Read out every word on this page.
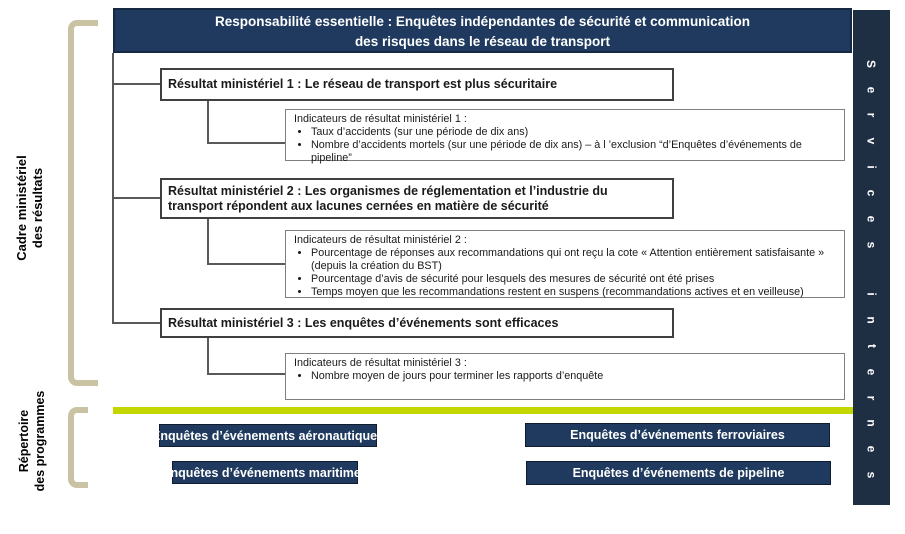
Cadre ministériel des résultats
Répertoire des programmes
Responsabilité essentielle : Enquêtes indépendantes de sécurité et communication
des risques dans le réseau de transport
Résultat ministériel 1 : Le réseau de transport est plus sécuritaire
Indicateurs de résultat ministériel 1 :
• Taux d’accidents (sur une période de dix ans)
• Nombre d’accidents mortels (sur une période de dix ans) – à l ’exclusion “d’Enquêtes d’événements de pipeline”
Résultat ministériel 2 : Les organismes de réglementation et l’industrie du transport répondent aux lacunes cernées en matière de sécurité
Indicateurs de résultat ministériel 2 :
• Pourcentage de réponses aux recommandations qui ont reçu la cote « Attention entièrement satisfaisante » (depuis la création du BST)
• Pourcentage d’avis de sécurité pour lesquels des mesures de sécurité ont été prises
• Temps moyen que les recommandations restent en suspens (recommandations actives et en veilleuse)
Résultat ministériel 3 : Les enquêtes d’événements sont efficaces
Indicateurs de résultat ministériel 3 :
• Nombre moyen de jours pour terminer les rapports d’enquête
Enquêtes d’événements aéronautiques	Enquêtes d’événements ferroviaires
Enquêtes d’événements maritimes	Enquêtes d’événements de pipeline
S
e
r
v
i
c
e
s
i
n
t
e
r
n
e
s
